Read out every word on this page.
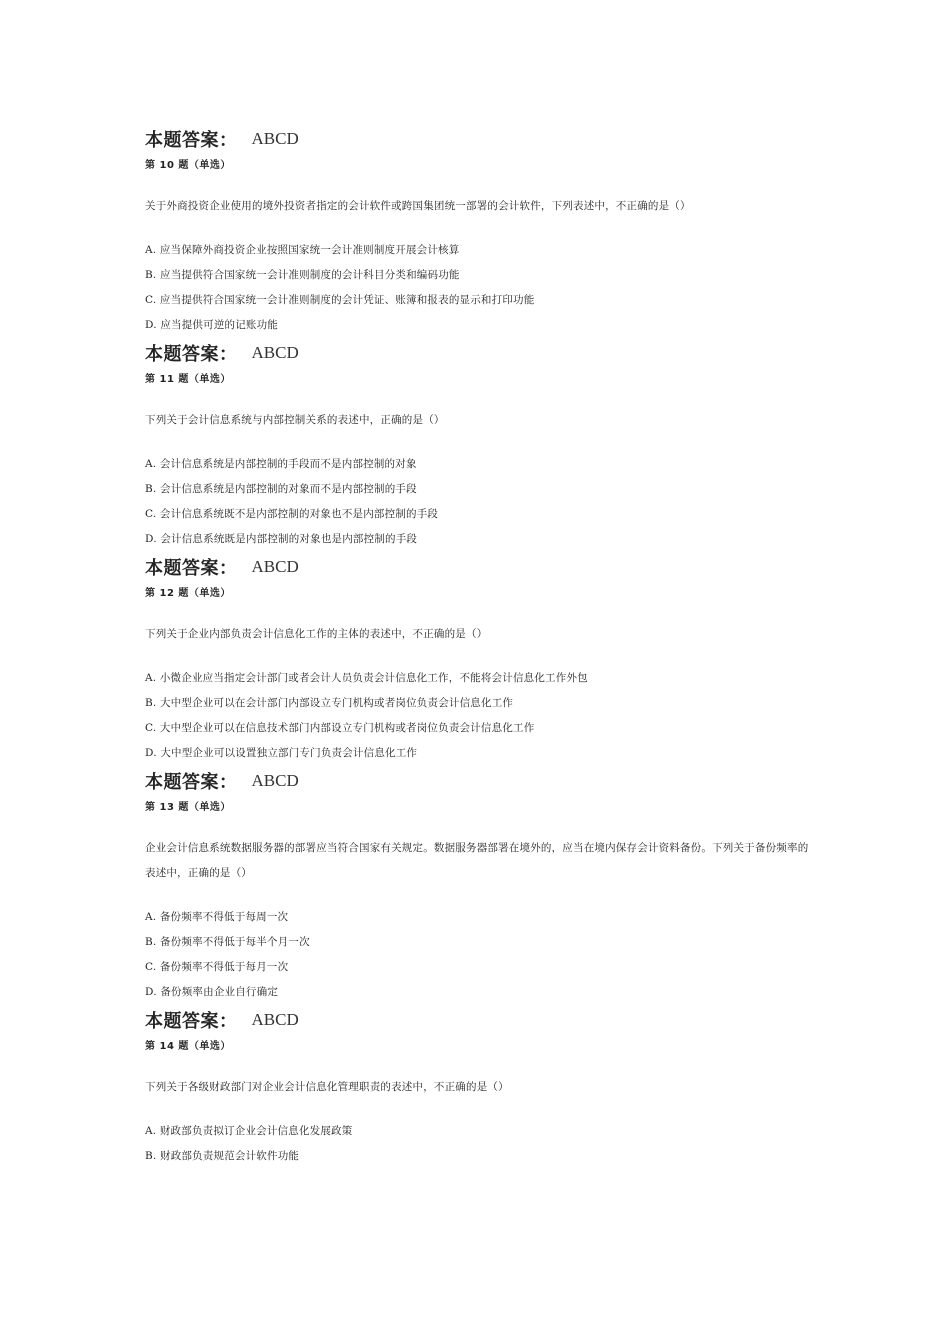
本题答案： ABCD
第 10 题（单选）
关于外商投资企业使用的境外投资者指定的会计软件或跨国集团统一部署的会计软件，下列表述中，不正确的是（）
A. 应当保障外商投资企业按照国家统一会计准则制度开展会计核算
B. 应当提供符合国家统一会计准则制度的会计科目分类和编码功能
C. 应当提供符合国家统一会计准则制度的会计凭证、账簿和报表的显示和打印功能
D. 应当提供可逆的记账功能
本题答案： ABCD
第 11 题（单选）
下列关于会计信息系统与内部控制关系的表述中，正确的是（）
A. 会计信息系统是内部控制的手段而不是内部控制的对象
B. 会计信息系统是内部控制的对象而不是内部控制的手段
C. 会计信息系统既不是内部控制的对象也不是内部控制的手段
D. 会计信息系统既是内部控制的对象也是内部控制的手段
本题答案： ABCD
第 12 题（单选）
下列关于企业内部负责会计信息化工作的主体的表述中，不正确的是（）
A. 小微企业应当指定会计部门或者会计人员负责会计信息化工作，不能将会计信息化工作外包
B. 大中型企业可以在会计部门内部设立专门机构或者岗位负责会计信息化工作
C. 大中型企业可以在信息技术部门内部设立专门机构或者岗位负责会计信息化工作
D. 大中型企业可以设置独立部门专门负责会计信息化工作
本题答案： ABCD
第 13 题（单选）
企业会计信息系统数据服务器的部署应当符合国家有关规定。数据服务器部署在境外的，应当在境内保存会计资料备份。下列关于备份频率的表述中，正确的是（）
A. 备份频率不得低于每周一次
B. 备份频率不得低于每半个月一次
C. 备份频率不得低于每月一次
D. 备份频率由企业自行确定
本题答案： ABCD
第 14 题（单选）
下列关于各级财政部门对企业会计信息化管理职责的表述中，不正确的是（）
A. 财政部负责拟订企业会计信息化发展政策
B. 财政部负责规范会计软件功能
